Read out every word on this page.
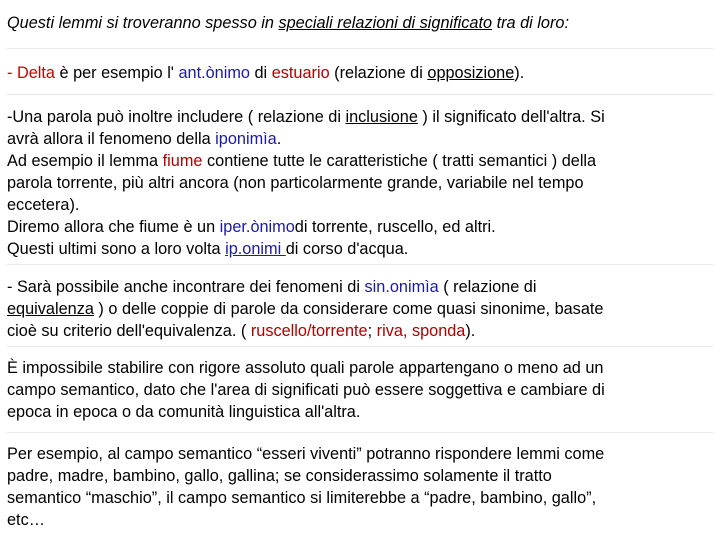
Questi lemmi si troveranno spesso in speciali relazioni di significato tra di loro:
- Delta è per esempio l' ant.ònimo di estuario (relazione di opposizione).
-Una parola può inoltre includere ( relazione di inclusione ) il significato dell'altra. Si
avrà allora il fenomeno della iponimìa.
Ad esempio il lemma fiume contiene tutte le caratteristiche ( tratti semantici ) della
parola torrente, più altri ancora (non particolarmente grande, variabile nel tempo
eccetera).
Diremo allora che fiume è un iper.ònimodi torrente, ruscello, ed altri.
Questi ultimi sono a loro volta ip.onimi di corso d'acqua.
- Sarà possibile anche incontrare dei fenomeni di sin.onimìa ( relazione di
equivalenza ) o delle coppie di parole da considerare come quasi sinonime, basate
cioè su criterio dell'equivalenza. ( ruscello/torrente; riva, sponda).
È impossibile stabilire con rigore assoluto quali parole appartengano o meno ad un
campo semantico, dato che l'area di significati può essere soggettiva e cambiare di
epoca in epoca o da comunità linguistica all'altra.
Per esempio, al campo semantico “esseri viventi” potranno rispondere lemmi come
padre, madre, bambino, gallo, gallina; se considerassimo solamente il tratto
semantico “maschio”, il campo semantico si limiterebbe a “padre, bambino, gallo”,
etc…
